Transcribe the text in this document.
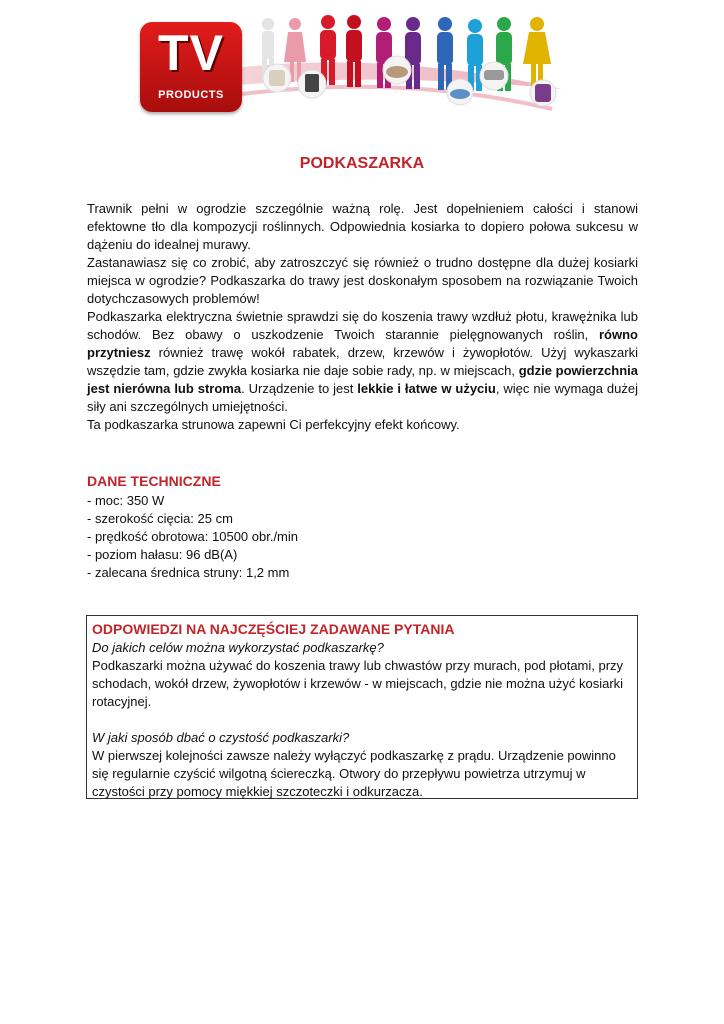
TV
PRODUCTS
PODKASZARKA

Trawnik pełni w ogrodzie szczególnie ważną rolę. Jest dopełnieniem całości i stanowi efektowne tło dla kompozycji roślinnych. Odpowiednia kosiarka to dopiero połowa sukcesu w dążeniu do idealnej murawy.

Zastanawiasz się co zrobić, aby zatroszczyć się również o trudno dostępne dla dużej kosiarki miejsca w ogrodzie? Podkaszarka do trawy jest doskonałym sposobem na rozwiązanie Twoich dotychczasowych problemów!

Podkaszarka elektryczna świetnie sprawdzi się do koszenia trawy wzdłuż płotu, krawężnika lub schodów. Bez obawy o uszkodzenie Twoich starannie pielęgnowanych roślin, równo przytniesz również trawę wokół rabatek, drzew, krzewów i żywopłotów. Użyj wykaszarki wszędzie tam, gdzie zwykła kosiarka nie daje sobie rady, np. w miejscach, gdzie powierzchnia jest nierówna lub stroma. Urządzenie to jest lekkie i łatwe w użyciu, więc nie wymaga dużej siły ani szczególnych umiejętności.

Ta podkaszarka strunowa zapewni Ci perfekcyjny efekt końcowy.

DANE TECHNICZNE
- moc: 350 W
- szerokość cięcia: 25 cm
- prędkość obrotowa: 10500 obr./min
- poziom hałasu: 96 dB(A)
- zalecana średnica struny: 1,2 mm
ODPOWIEDZI NA NAJCZĘŚCIEJ ZADAWANE PYTANIA

Do jakich celów można wykorzystać podkaszarkę?

Podkaszarki można używać do koszenia trawy lub chwastów przy murach, pod płotami, przy schodach, wokół drzew, żywopłotów i krzewów - w miejscach, gdzie nie można użyć kosiarki rotacyjnej.

W jaki sposób dbać o czystość podkaszarki?

W pierwszej kolejności zawsze należy wyłączyć podkaszarkę z prądu. Urządzenie powinno się regularnie czyścić wilgotną ściereczką. Otwory do przepływu powietrza utrzymuj w czystości przy pomocy miękkiej szczoteczki i odkurzacza.
